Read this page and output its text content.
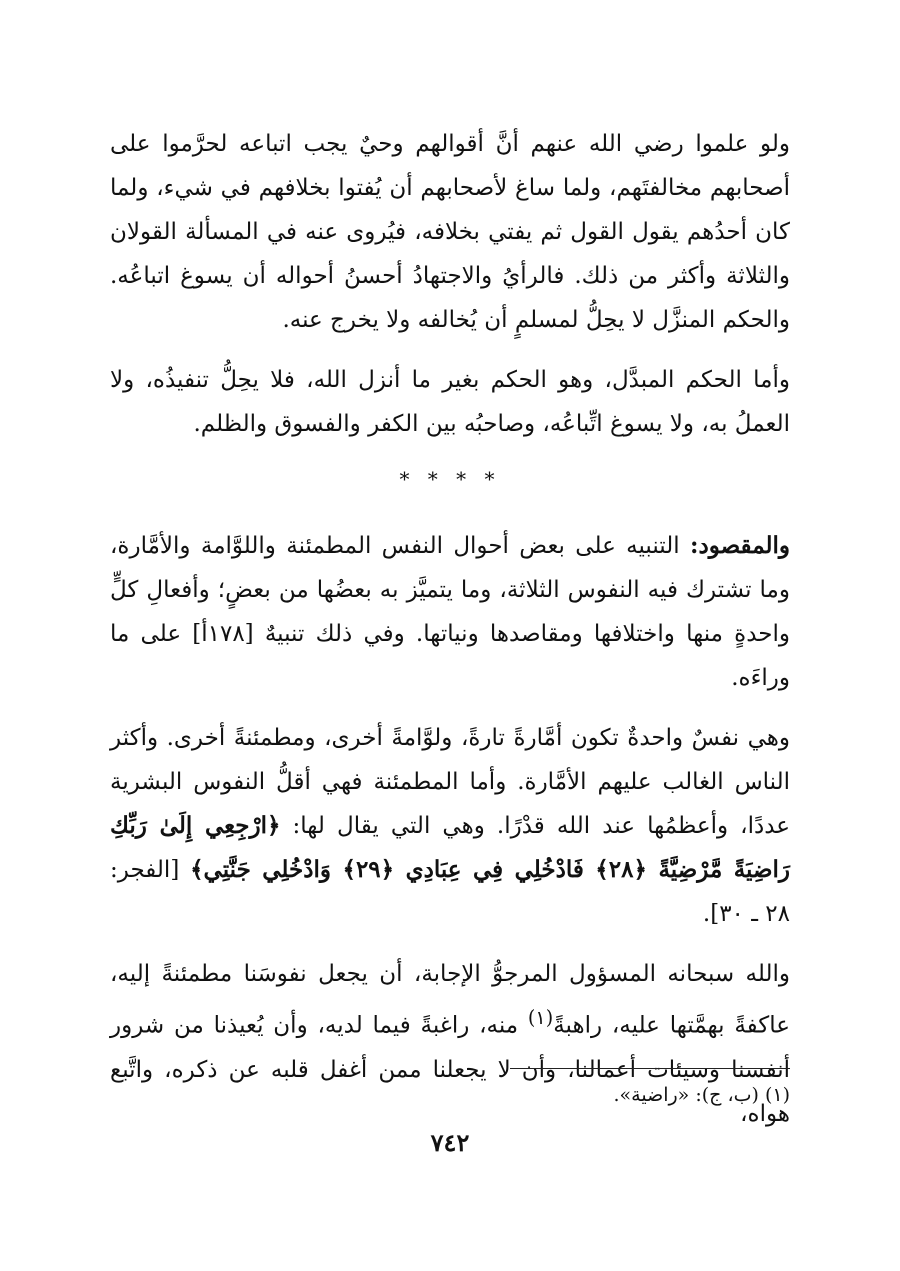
ولو علموا رضي الله عنهم أنَّ أقوالهم وحيٌ يجب اتباعه لحرَّموا على أصحابهم مخالفتَهم، ولما ساغ لأصحابهم أن يُفتوا بخلافهم في شيء، ولما كان أحدُهم يقول القول ثم يفتي بخلافه، فيُروى عنه في المسألة القولان والثلاثة وأكثر من ذلك. فالرأيُ والاجتهادُ أحسنُ أحواله أن يسوغ اتباعُه. والحكم المنزَّل لا يحِلُّ لمسلمٍ أن يُخالفه ولا يخرج عنه.

وأما الحكم المبدَّل، وهو الحكم بغير ما أنزل الله، فلا يحِلُّ تنفيذُه، ولا العملُ به، ولا يسوغ اتِّباعُه، وصاحبُه بين الكفر والفسوق والظلم.

* * * *

والمقصود: التنبيه على بعض أحوال النفس المطمئنة واللوَّامة والأمَّارة، وما تشترك فيه النفوس الثلاثة، وما يتميَّز به بعضُها من بعضٍ؛ وأفعالِ كلٍّ واحدةٍ منها واختلافها ومقاصدها ونياتها. وفي ذلك تنبيهٌ [١٧٨أ] على ما وراءَه.

وهي نفسٌ واحدةٌ تكون أمَّارةً تارةً، ولوَّامةً أخرى، ومطمئنةً أخرى. وأكثر الناس الغالب عليهم الأمَّارة. وأما المطمئنة فهي أقلُّ النفوس البشرية عددًا، وأعظمُها عند الله قدْرًا. وهي التي يقال لها: ﴿ارْجِعِي إِلَىٰ رَبِّكِ رَاضِيَةً مَّرْضِيَّةً ﴿٢٨﴾ فَادْخُلِي فِي عِبَادِي ﴿٢٩﴾ وَادْخُلِي جَنَّتِي﴾ [الفجر: ٢٨ ـ ٣٠].

والله سبحانه المسؤول المرجوُّ الإجابة، أن يجعل نفوسَنا مطمئنةً إليه، عاكفةً بهمَّتها عليه، راهبةً$^{(١)}$ منه، راغبةً فيما لديه، وأن يُعيذنا من شرور أنفسنا وسيئات أعمالنا، وأن لا يجعلنا ممن أغفل قلبه عن ذكره، واتَّبع هواه،

(١) (ب، ج): «راضية».
٧٤٢
